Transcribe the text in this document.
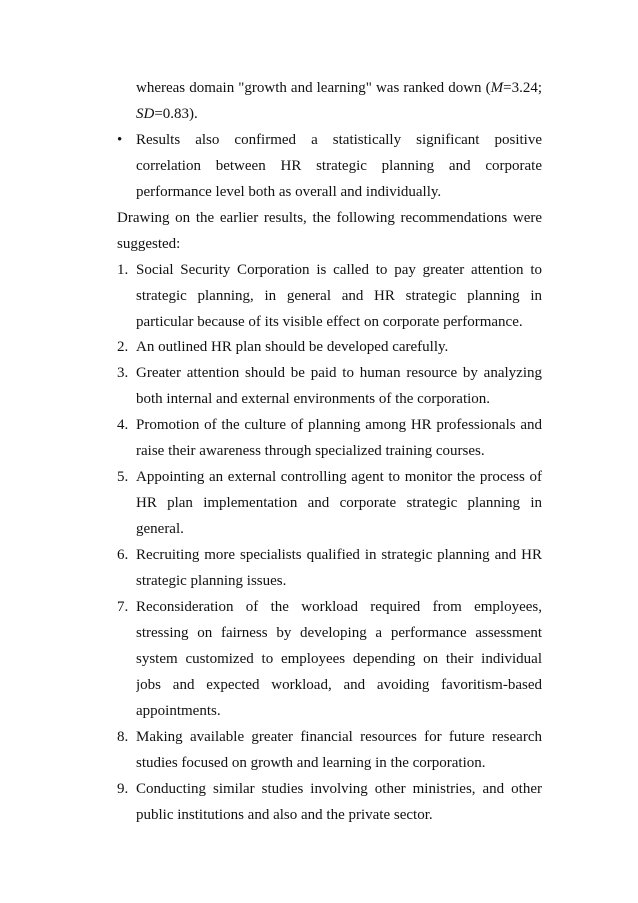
whereas domain "growth and learning" was ranked down (M=3.24;
SD=0.83).
• Results also confirmed a statistically significant positive
correlation between HR strategic planning and corporate
performance level both as overall and individually.
Drawing on the earlier results, the following recommendations were
suggested:
1. Social Security Corporation is called to pay greater attention to
strategic planning, in general and HR strategic planning in
particular because of its visible effect on corporate performance.
2. An outlined HR plan should be developed carefully.
3. Greater attention should be paid to human resource by analyzing
both internal and external environments of the corporation.
4. Promotion of the culture of planning among HR professionals and
raise their awareness through specialized training courses.
5. Appointing an external controlling agent to monitor the process of
HR plan implementation and corporate strategic planning in
general.
6. Recruiting more specialists qualified in strategic planning and HR
strategic planning issues.
7. Reconsideration of the workload required from employees,
stressing on fairness by developing a performance assessment
system customized to employees depending on their individual
jobs and expected workload, and avoiding favoritism-based
appointments.
8. Making available greater financial resources for future research
studies focused on growth and learning in the corporation.
9. Conducting similar studies involving other ministries, and other
public institutions and also and the private sector.
